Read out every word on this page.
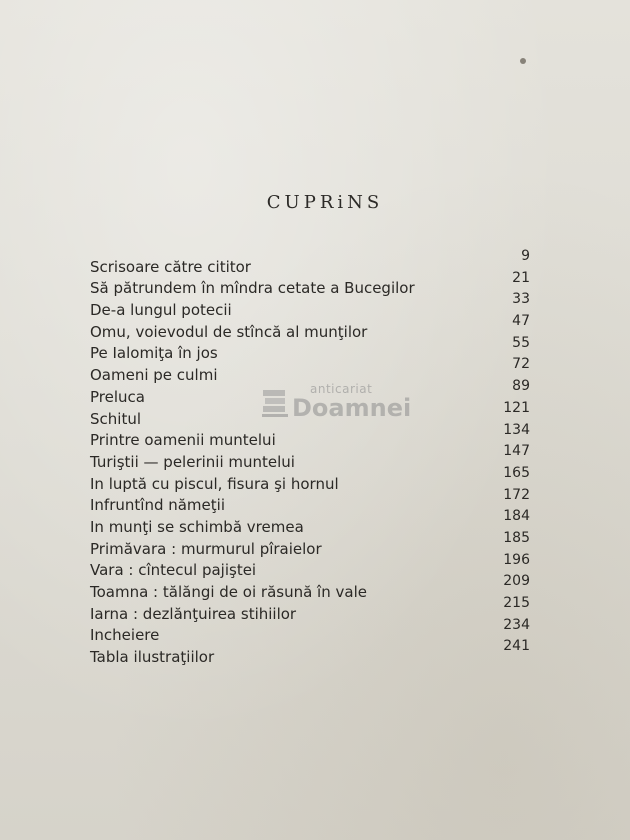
CUPRiNS
Scrisoare către cititor
9
Să pătrundem în mîndra cetate a Bucegilor
21
De-a lungul potecii
33
Omu, voievodul de stîncă al munţilor
47
Pe Ialomiţa în jos
55
Oameni pe culmi
72
Preluca
89
Schitul
121
Printre oamenii muntelui
134
Turiştii — pelerinii muntelui
147
In luptă cu piscul, fisura şi hornul
165
Infruntînd nămeţii
172
In munţi se schimbă vremea
184
Primăvara : murmurul pîraielor
185
Vara : cîntecul pajiştei
196
Toamna : tălăngi de oi răsună în vale
209
Iarna : dezlănţuirea stihiilor
215
Incheiere
234
Tabla ilustraţiilor
241
anticariat
Doamnei
